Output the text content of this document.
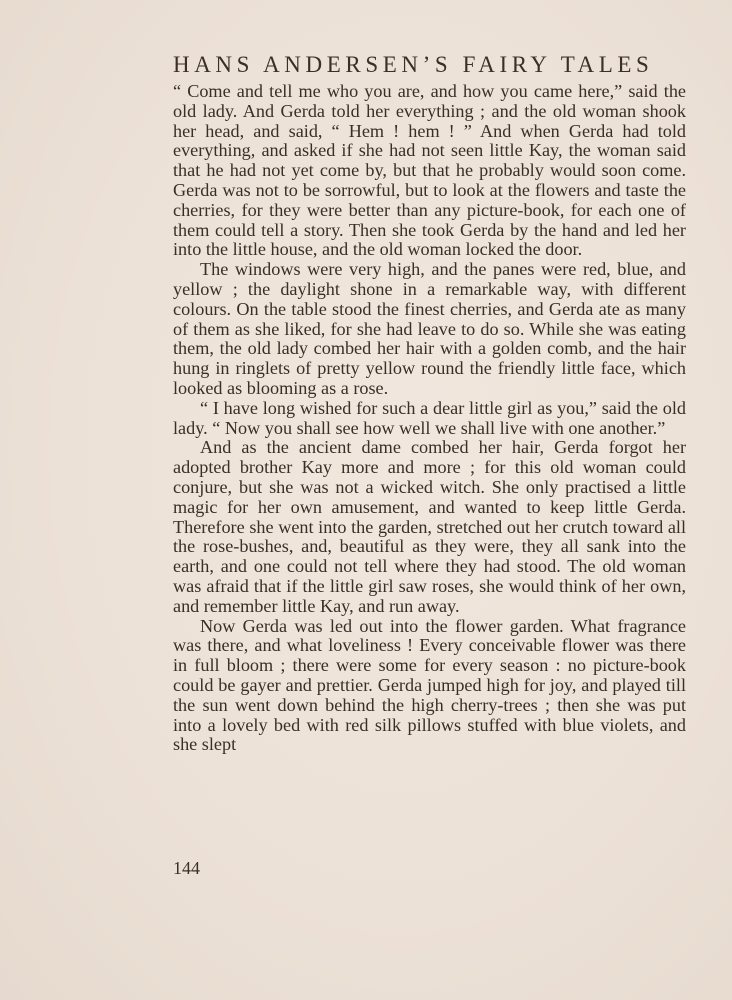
HANS ANDERSEN’S FAIRY TALES

“ Come and tell me who you are, and how you came here,” said the old lady. And Gerda told her everything ; and the old woman shook her head, and said, “ Hem ! hem ! ” And when Gerda had told everything, and asked if she had not seen little Kay, the woman said that he had not yet come by, but that he probably would soon come. Gerda was not to be sorrowful, but to look at the flowers and taste the cherries, for they were better than any picture-book, for each one of them could tell a story. Then she took Gerda by the hand and led her into the little house, and the old woman locked the door.

The windows were very high, and the panes were red, blue, and yellow ; the daylight shone in a remarkable way, with different colours. On the table stood the finest cherries, and Gerda ate as many of them as she liked, for she had leave to do so. While she was eating them, the old lady combed her hair with a golden comb, and the hair hung in ringlets of pretty yellow round the friendly little face, which looked as blooming as a rose.

“ I have long wished for such a dear little girl as you,” said the old lady. “ Now you shall see how well we shall live with one another.”

And as the ancient dame combed her hair, Gerda forgot her adopted brother Kay more and more ; for this old woman could conjure, but she was not a wicked witch. She only practised a little magic for her own amusement, and wanted to keep little Gerda. Therefore she went into the garden, stretched out her crutch toward all the rose-bushes, and, beautiful as they were, they all sank into the earth, and one could not tell where they had stood. The old woman was afraid that if the little girl saw roses, she would think of her own, and remember little Kay, and run away.

Now Gerda was led out into the flower garden. What fragrance was there, and what loveliness ! Every conceivable flower was there in full bloom ; there were some for every season : no picture-book could be gayer and prettier. Gerda jumped high for joy, and played till the sun went down behind the high cherry-trees ; then she was put into a lovely bed with red silk pillows stuffed with blue violets, and she slept

144
